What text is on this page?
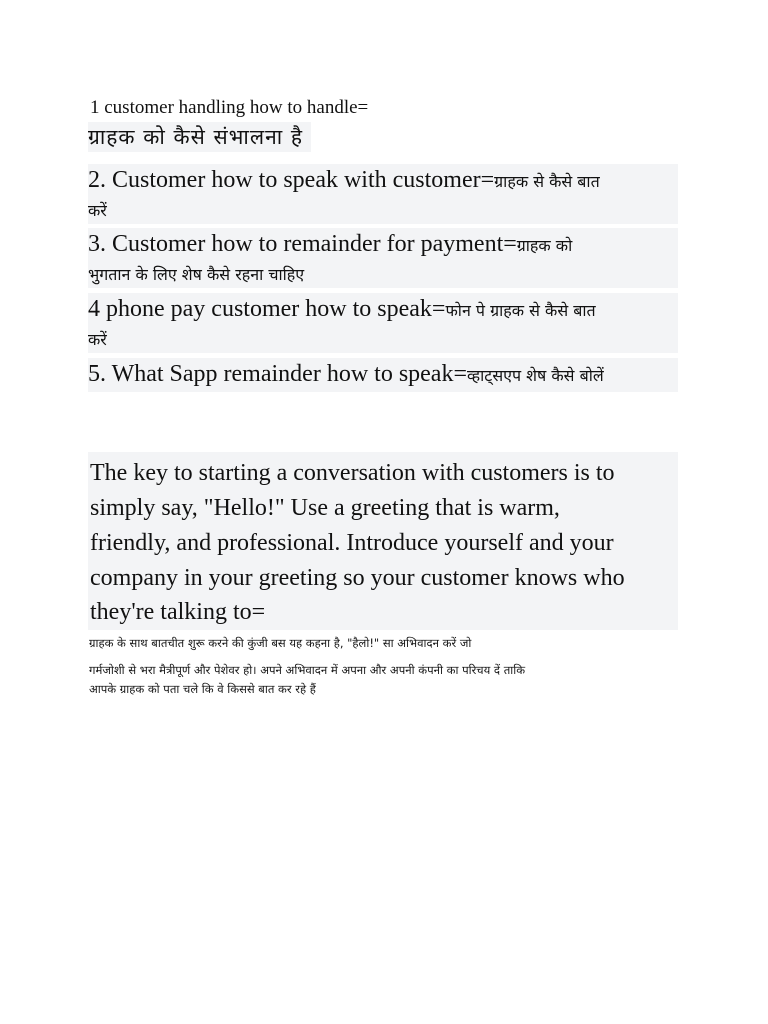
1 customer handling how to handle=
ग्राहक को कैसे संभालना है
2. Customer how to speak with customer=ग्राहक से कैसे बात
करें
3. Customer how to remainder for payment=ग्राहक को
भुगतान के लिए शेष कैसे रहना चाहिए
4 phone pay customer how to speak=फोन पे ग्राहक से कैसे बात
करें
5. What Sapp remainder how to speak=व्हाट्सएप शेष कैसे बोलें
The key to starting a conversation with customers is to
simply say, "Hello!" Use a greeting that is warm,
friendly, and professional. Introduce yourself and your
company in your greeting so your customer knows who
they're talking to=
ग्राहक के साथ बातचीत शुरू करने की कुंजी बस यह कहना है, "हैलो!" सा अभिवादन करें जो
गर्मजोशी से भरा मैत्रीपूर्ण और पेशेवर हो। अपने अभिवादन में अपना और अपनी कंपनी का परिचय दें ताकि
आपके ग्राहक को पता चले कि वे किससे बात कर रहे हैं
